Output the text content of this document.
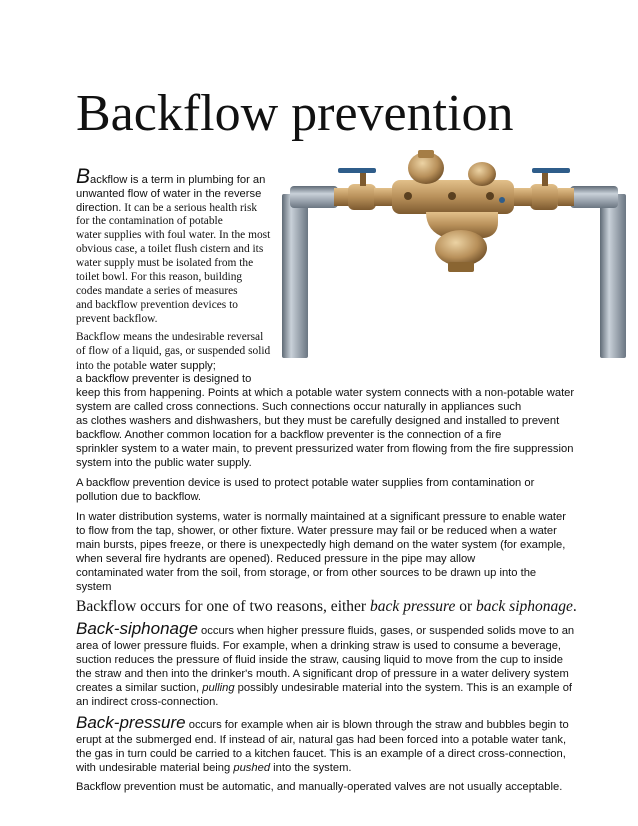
Backflow prevention
Backflow is a term in plumbing for an
unwanted flow of water in the reverse
direction. It can be a serious health risk
for the contamination of potable
water supplies with foul water. In the most
obvious case, a toilet flush cistern and its
water supply must be isolated from the
toilet bowl. For this reason, building
codes mandate a series of measures
and backflow prevention devices to
prevent backflow.
Backflow means the undesirable reversal
of flow of a liquid, gas, or suspended solid
into the potable water supply;
a backflow preventer is designed to
keep this from happening. Points at which a potable water system connects with a non-potable water
system are called cross connections. Such connections occur naturally in appliances such
as clothes washers and dishwashers, but they must be carefully designed and installed to prevent
backflow. Another common location for a backflow preventer is the connection of a fire
sprinkler system to a water main, to prevent pressurized water from flowing from the fire suppression
system into the public water supply.
A backflow prevention device is used to protect potable water supplies from contamination or
pollution due to backflow.
In water distribution systems, water is normally maintained at a significant pressure to enable water
to flow from the tap, shower, or other fixture. Water pressure may fail or be reduced when a water
main bursts, pipes freeze, or there is unexpectedly high demand on the water system (for example,
when several fire hydrants are opened). Reduced pressure in the pipe may allow
contaminated water from the soil, from storage, or from other sources to be drawn up into the
system
Backflow occurs for one of two reasons, either back pressure or back siphonage.
Back-siphonage occurs when higher pressure fluids, gases, or suspended solids move to an
area of lower pressure fluids. For example, when a drinking straw is used to consume a beverage,
suction reduces the pressure of fluid inside the straw, causing liquid to move from the cup to inside
the straw and then into the drinker's mouth. A significant drop of pressure in a water delivery system
creates a similar suction, pulling possibly undesirable material into the system. This is an example of
an indirect cross-connection.
Back-pressure occurs for example when air is blown through the straw and bubbles begin to
erupt at the submerged end. If instead of air, natural gas had been forced into a potable water tank,
the gas in turn could be carried to a kitchen faucet. This is an example of a direct cross-connection,
with undesirable material being pushed into the system.
Backflow prevention must be automatic, and manually-operated valves are not usually acceptable.
